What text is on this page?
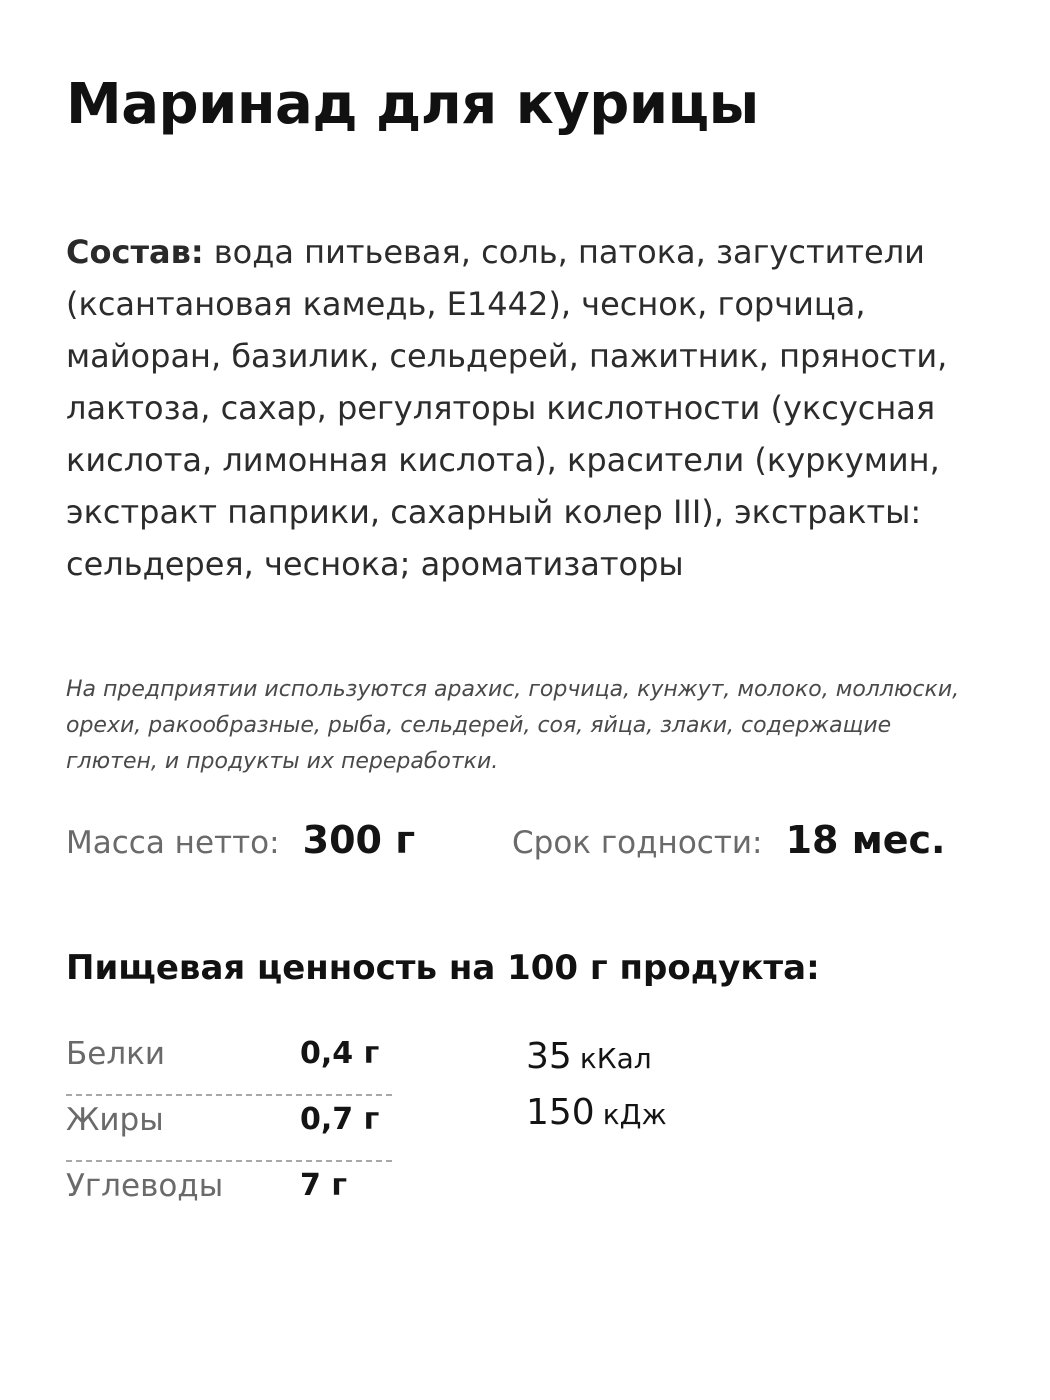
Маринад для курицы

Состав: вода питьевая, соль, патока, загустители (ксантановая камедь, E1442), чеснок, горчица, майоран, базилик, сельдерей, пажитник, пряности, лактоза, сахар, регуляторы кислотности (уксусная кислота, лимонная кислота), красители (куркумин, экстракт паприки, сахарный колер III), экстракты: сельдерея, чеснока; ароматизаторы

На предприятии используются арахис, горчица, кунжут, молоко, моллюски, орехи, ракообразные, рыба, сельдерей, соя, яйца, злаки, содержащие глютен, и продукты их переработки.

Масса нетто: 300 г	Срок годности: 18 мес.
Пищевая ценность на 100 г продукта:
Белки	0,4 г
Жиры	0,7 г
Углеводы	7 г
35 кКал
150 кДж
